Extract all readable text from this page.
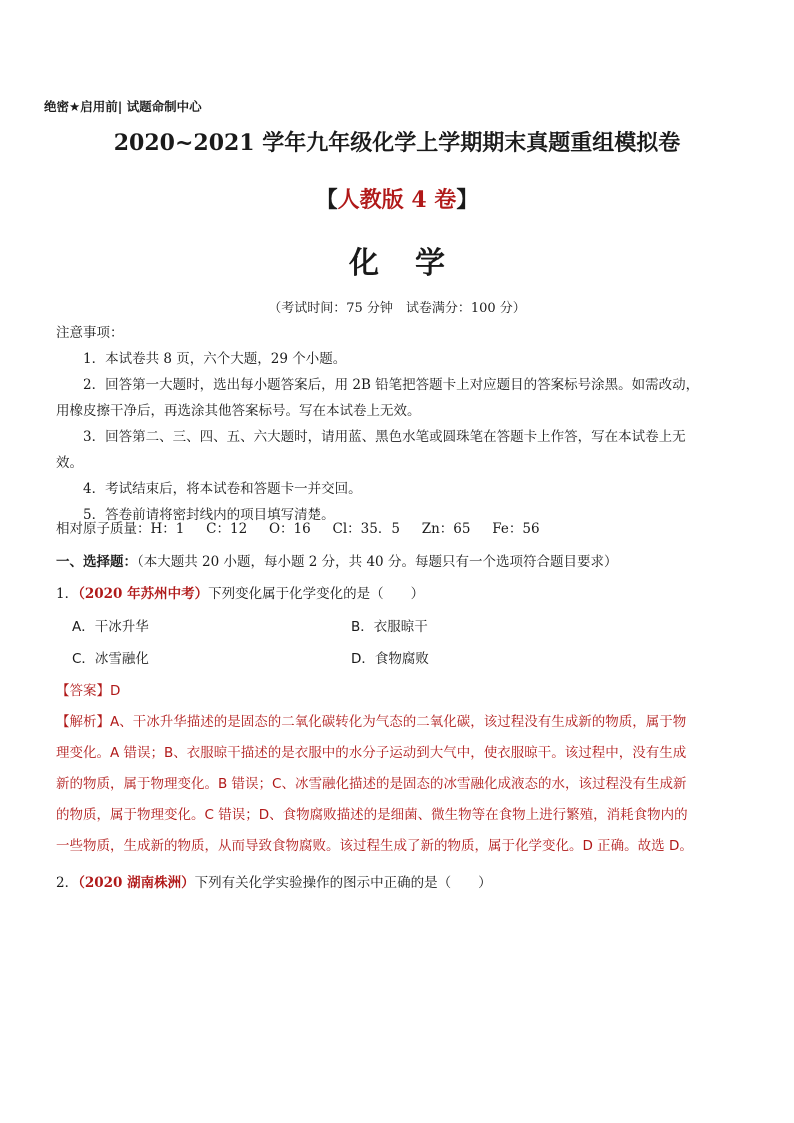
绝密★启用前| 试题命制中心
2020~2021 学年九年级化学上学期期末真题重组模拟卷
【人教版 4 卷】
化学
（考试时间：75 分钟　试卷满分：100 分）
注意事项：
1．本试卷共 8 页，六个大题，29 个小题。
2．回答第一大题时，选出每小题答案后，用 2B 铅笔把答题卡上对应题目的答案标号涂黑。如需改动，
用橡皮擦干净后，再选涂其他答案标号。写在本试卷上无效。
3．回答第二、三、四、五、六大题时，请用蓝、黑色水笔或圆珠笔在答题卡上作答，写在本试卷上无
效。
4．考试结束后，将本试卷和答题卡一并交回。
5．答卷前请将密封线内的项目填写清楚。
相对原子质量：H：1　 C：12　 O：16　 Cl：35．5　 Zn：65　 Fe：56
一、选择题：（本大题共 20 小题，每小题 2 分，共 40 分。每题只有一个选项符合题目要求）
1．（2020 年苏州中考）下列变化属于化学变化的是（　　）
A．干冰升华	B．衣服晾干
C．冰雪融化	D．食物腐败
【答案】D
【解析】A、干冰升华描述的是固态的二氧化碳转化为气态的二氧化碳，该过程没有生成新的物质，属于物
理变化。A 错误；B、衣服晾干描述的是衣服中的水分子运动到大气中，使衣服晾干。该过程中，没有生成
新的物质，属于物理变化。B 错误；C、冰雪融化描述的是固态的冰雪融化成液态的水，该过程没有生成新
的物质，属于物理变化。C 错误；D、食物腐败描述的是细菌、微生物等在食物上进行繁殖，消耗食物内的
一些物质，生成新的物质，从而导致食物腐败。该过程生成了新的物质，属于化学变化。D 正确。故选 D。
2．（2020 湖南株洲）下列有关化学实验操作的图示中正确的是（　　）
